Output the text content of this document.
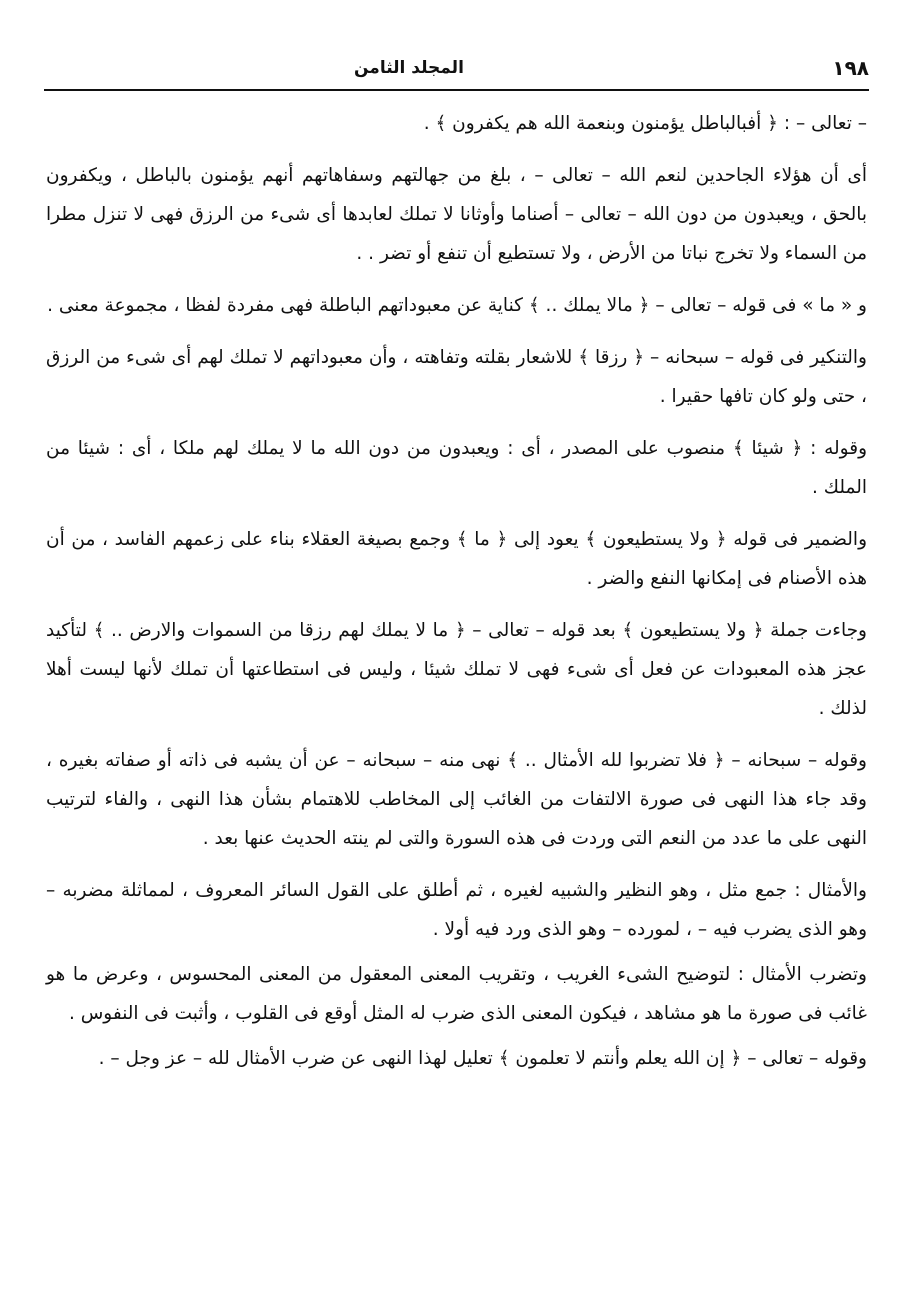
١٩٨
المجلد الثامن

– تعالى – : ﴿ أفبالباطل يؤمنون وبنعمة الله هم يكفرون ﴾ .

أى أن هؤلاء الجاحدين لنعم الله – تعالى – ، بلغ من جهالتهم وسفاهاتهم أنهم يؤمنون بالباطل ، ويكفرون بالحق ، ويعبدون من دون الله – تعالى – أصناما وأوثانا لا تملك لعابدها أى شىء من الرزق فهى لا تنزل مطرا من السماء ولا تخرج نباتا من الأرض ، ولا تستطيع أن تنفع أو تضر . .

و « ما » فى قوله – تعالى – ﴿ مالا يملك .. ﴾ كناية عن معبوداتهم الباطلة فهى مفردة لفظا ، مجموعة معنى .

والتنكير فى قوله – سبحانه – ﴿ رزقا ﴾ للاشعار بقلته وتفاهته ، وأن معبوداتهم لا تملك لهم أى شىء من الرزق ، حتى ولو كان تافها حقيرا .

وقوله : ﴿ شيئا ﴾ منصوب على المصدر ، أى : ويعبدون من دون الله ما لا يملك لهم ملكا ، أى : شيئا من الملك .

والضمير فى قوله ﴿ ولا يستطيعون ﴾ يعود إلى ﴿ ما ﴾ وجمع بصيغة العقلاء بناء على زعمهم الفاسد ، من أن هذه الأصنام فى إمكانها النفع والضر .

وجاءت جملة ﴿ ولا يستطيعون ﴾ بعد قوله – تعالى – ﴿ ما لا يملك لهم رزقا من السموات والارض .. ﴾ لتأكيد عجز هذه المعبودات عن فعل أى شىء فهى لا تملك شيئا ، وليس فى استطاعتها أن تملك لأنها ليست أهلا لذلك .

وقوله – سبحانه – ﴿ فلا تضربوا لله الأمثال .. ﴾ نهى منه – سبحانه – عن أن يشبه فى ذاته أو صفاته بغيره ، وقد جاء هذا النهى فى صورة الالتفات من الغائب إلى المخاطب للاهتمام بشأن هذا النهى ، والفاء لترتيب النهى على ما عدد من النعم التى وردت فى هذه السورة والتى لم ينته الحديث عنها بعد .

والأمثال : جمع مثل ، وهو النظير والشبيه لغيره ، ثم أطلق على القول السائر المعروف ، لمماثلة مضربه – وهو الذى يضرب فيه – ، لمورده – وهو الذى ورد فيه أولا .

وتضرب الأمثال : لتوضيح الشىء الغريب ، وتقريب المعنى المعقول من المعنى المحسوس ، وعرض ما هو غائب فى صورة ما هو مشاهد ، فيكون المعنى الذى ضرب له المثل أوقع فى القلوب ، وأثبت فى النفوس .

وقوله – تعالى – ﴿ إن الله يعلم وأنتم لا تعلمون ﴾ تعليل لهذا النهى عن ضرب الأمثال لله – عز وجل – .
